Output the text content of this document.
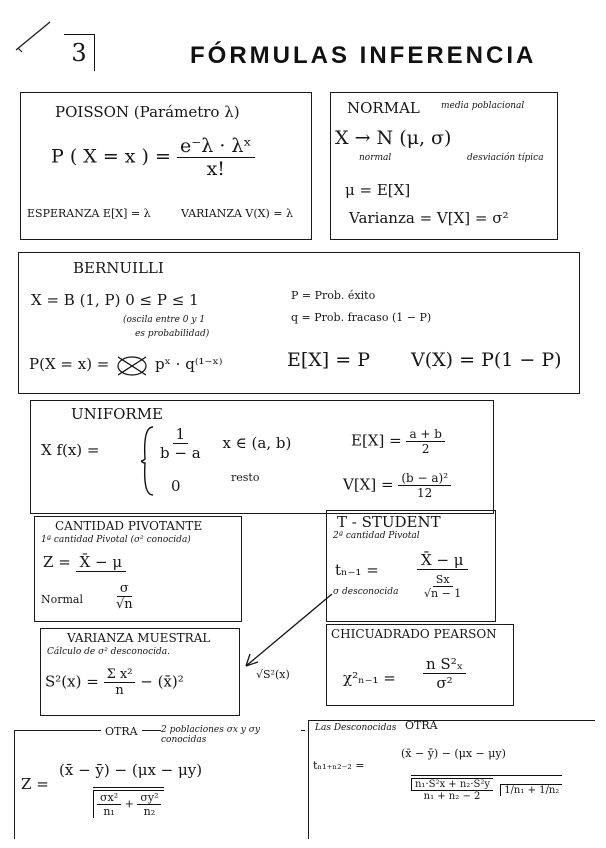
3	FÓRMULAS INFERENCIA
POISSON (Parámetro λ)
P ( X = x ) = $\frac{\text{e⁻λ · λˣ}}{x!}$
ESPERANZA E[X] = λ	VARIANZA V(X) = λ
NORMAL media poblacional
X → N (μ, σ)
normal	desviación típica
μ = E[X]
Varianza = V[X] = σ²
BERNUILLI
X = B (1, P) 0 ≤ P ≤ 1
(oscila entre 0 y 1
es probabilidad)
P = Prob. éxito
q = Prob. fracaso (1 − P)
P(X = x) =	pˣ · q⁽¹⁻ˣ⁾	E[X] = P V(X) = P(1 − P)
UNIFORME
X f(x) =	$\frac{1}{b - a}$ x ∈ (a, b)
0	resto
$E[X] = \frac{a + b}{2}$
$V[X] = \frac{\text{(b − a)²}}{12}$
CANTIDAD PIVOTANTE
1ª cantidad Pivotal (σ² conocida)
Z = X̄ − μ
Normal $\frac{\sigma}{√n}$
T - STUDENT
2ª cantidad Pivotal
tₙ₋₁ =
X̄ − μ
$\frac{Sx}{√n - 1}$
σ desconocida
VARIANZA MUESTRAL
Cálculo de σ² desconocida.
$S^2(x) = \frac{\text{Σ x²}}{n}$ − (x̄)²	√S²(x)
CHICUADRADO PEARSON
$\chi^2_{n-1} = \frac{\text{n S²ₓ}}{\text{σ²}}$
OTRA	2 poblaciones σx y σy conocidas
Z =
(x̄ − ȳ) − (μx − μy)
$\frac{\text{σx²}}{\text{n₁}} + \frac{\text{σy²}}{\text{n₂}}$
Las Desconocidas OTRA
tₙ₁₊ₙ₂₋₂ =
(x̄ − ȳ) − (μx − μy)
$\frac{\text{n₁·S²x + n₂·S²y}}{\text{n₁ + n₂ − 2}} 1/n_1 + 1/n_2$
